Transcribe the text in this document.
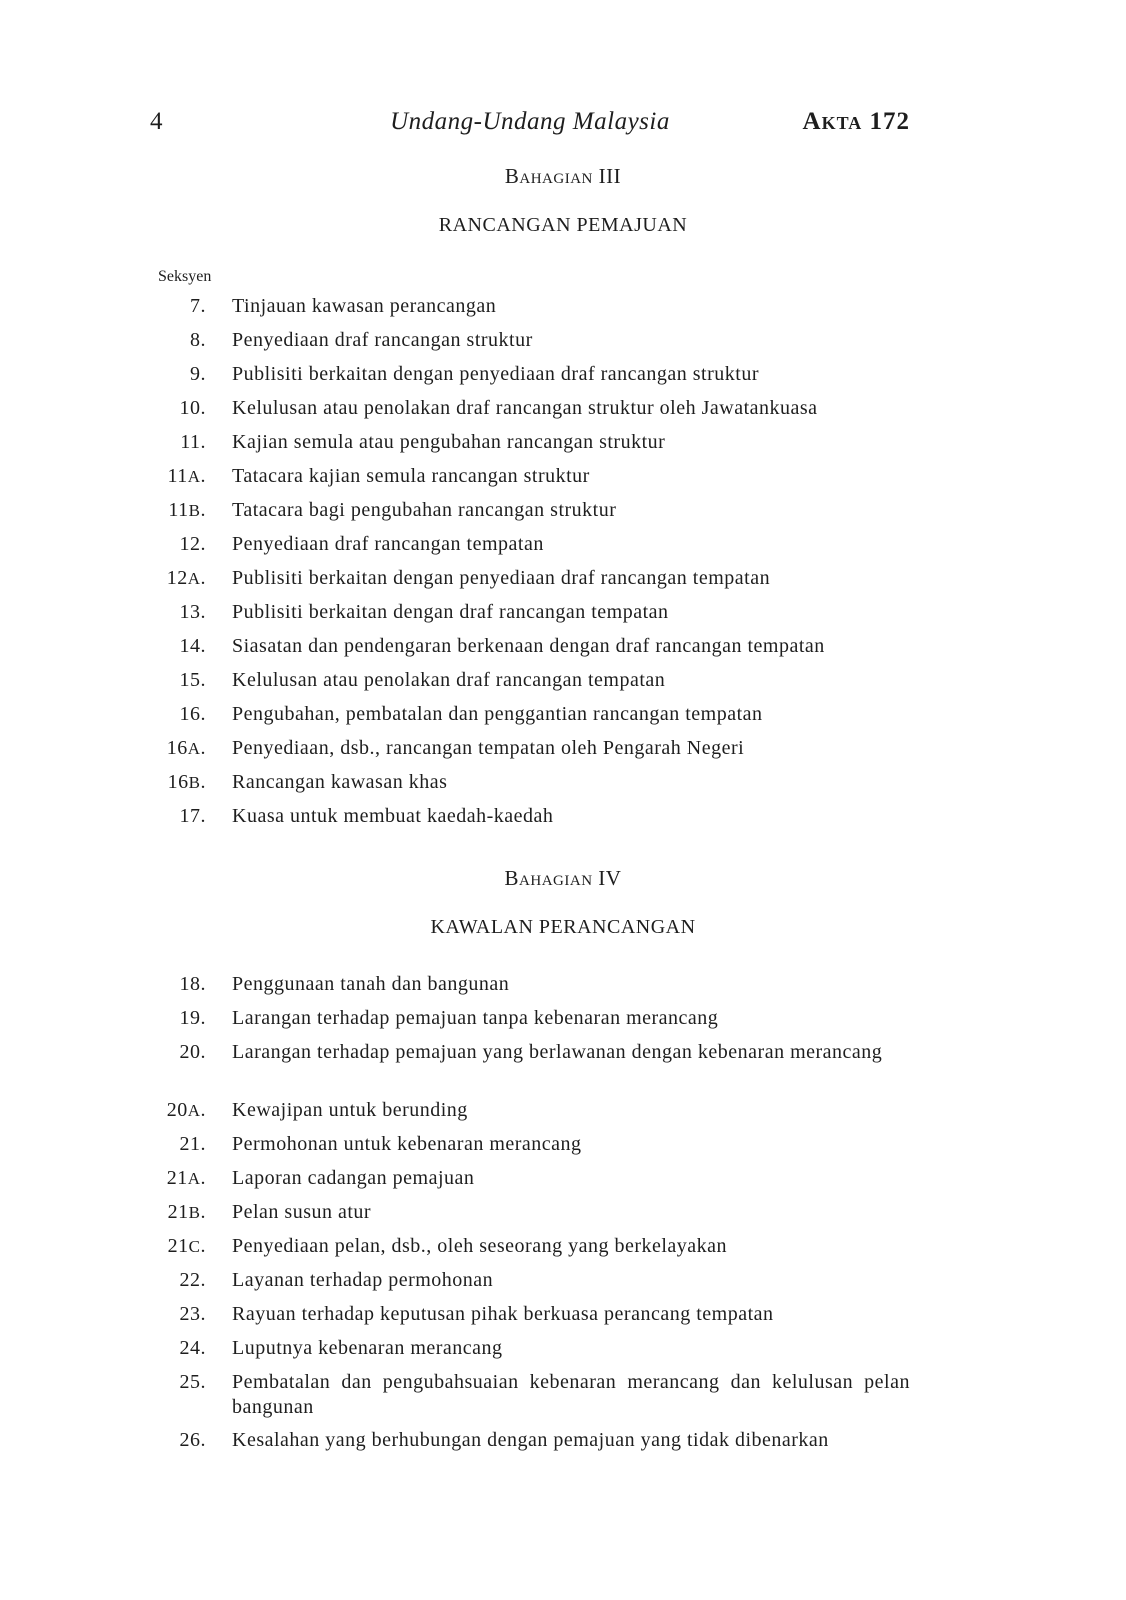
4	Undang-Undang Malaysia	Akta 172
Bahagian III
RANCANGAN PEMAJUAN
Seksyen
7. Tinjauan kawasan perancangan
8. Penyediaan draf rancangan struktur
9. Publisiti berkaitan dengan penyediaan draf rancangan struktur
10. Kelulusan atau penolakan draf rancangan struktur oleh Jawatankuasa
11. Kajian semula atau pengubahan rancangan struktur
11A. Tatacara kajian semula rancangan struktur
11B. Tatacara bagi pengubahan rancangan struktur
12. Penyediaan draf rancangan tempatan
12A. Publisiti berkaitan dengan penyediaan draf rancangan tempatan
13. Publisiti berkaitan dengan draf rancangan tempatan
14. Siasatan dan pendengaran berkenaan dengan draf rancangan tempatan
15. Kelulusan atau penolakan draf rancangan tempatan
16. Pengubahan, pembatalan dan penggantian rancangan tempatan
16A. Penyediaan, dsb., rancangan tempatan oleh Pengarah Negeri
16B. Rancangan kawasan khas
17. Kuasa untuk membuat kaedah-kaedah
Bahagian IV
KAWALAN PERANCANGAN
18. Penggunaan tanah dan bangunan
19. Larangan terhadap pemajuan tanpa kebenaran merancang
20. Larangan terhadap pemajuan yang berlawanan dengan kebenaran merancang
20A. Kewajipan untuk berunding
21. Permohonan untuk kebenaran merancang
21A. Laporan cadangan pemajuan
21B. Pelan susun atur
21C. Penyediaan pelan, dsb., oleh seseorang yang berkelayakan
22. Layanan terhadap permohonan
23. Rayuan terhadap keputusan pihak berkuasa perancang tempatan
24. Luputnya kebenaran merancang
25. Pembatalan dan pengubahsuaian kebenaran merancang dan kelulusan pelan bangunan
26. Kesalahan yang berhubungan dengan pemajuan yang tidak dibenarkan
